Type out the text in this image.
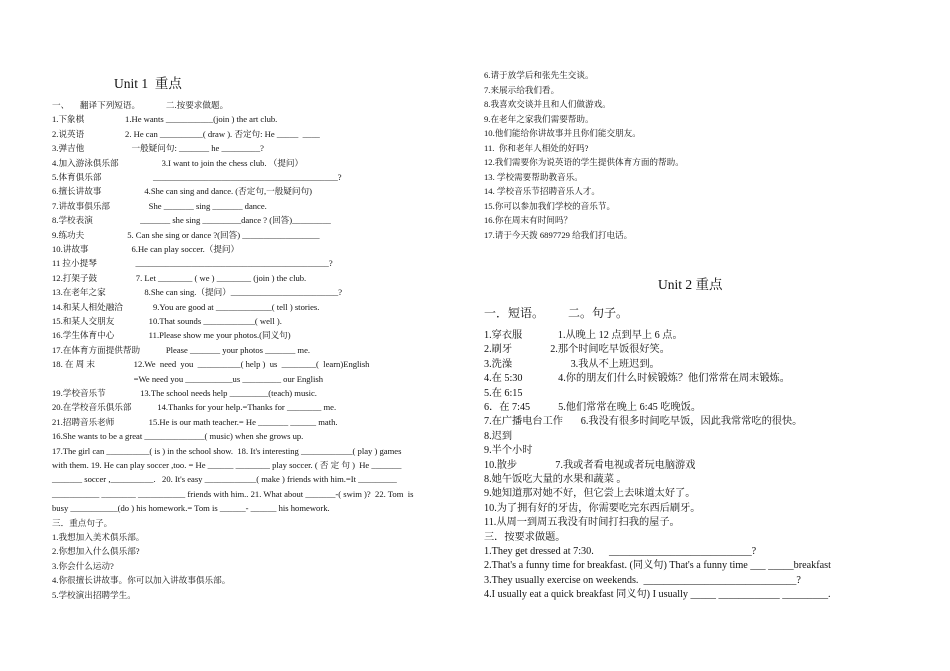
Unit 1  重点
一、     翻译下列短语。            二.按要求做题。
1.下象棋                   1.He wants ___________(join ) the art club.
2.说英语                   2. He can __________( draw ). 否定句: He _____  ____
3.弹吉他                      一般疑问句: _______ he _________?
4.加入游泳俱乐部                    3.I want to join the chess club. （提问）
5.体育俱乐部                        ___________________________________________?
6.擅长讲故事                    4.She can sing and dance. (否定句,一般疑问句)
7.讲故事俱乐部                  She _______ sing _______ dance.
8.学校表演                      _______ she sing _________dance ? (回答)_________
9.练功夫                    5. Can she sing or dance ?(回答) __________________
10.讲故事                    6.He can play soccer.（提问）
11 拉小提琴                  _____________________________________________?
12.打架子鼓                  7. Let ________ ( we ) ________ (join ) the club.
13.在老年之家                  8.She can sing.（提问）_________________________?
14.和某人相处融洽              9.You are good at _____________( tell ) stories.
15.和某人交朋友                10.That sounds ____________( well ).
16.学生体育中心                11.Please show me your photos.(同义句)
17.在体育方面提供帮助            Please _______ your photos _______ me.
18. 在 周 末                  12.We  need  you  __________( help )  us  ________(  learn)English
=We need you ___________us _________ our English
19.学校音乐节                13.The school needs help _________(teach) music.
20.在学校音乐俱乐部            14.Thanks for your help.=Thanks for ________ me.
21.招聘音乐老师                15.He is our math teacher.= He _______ ______ math.
16.She wants to be a great ______________( music) when she grows up.
17.The girl can __________( is ) in the school show.  18. It's interesting ____________( play ) games
with them. 19. He can play soccer ,too. = He ______ ________ play soccer. ( 否 定 句 )  He _______
_______ soccer ,__________.   20. It's easy ____________( make ) friends with him.=It _________
___________ ________ ___________ friends with him.. 21. What about _______-( swim )?  22. Tom  is
busy ___________(do ) his homework.= Tom is ______- ______ his homework.
三．重点句子。
1.我想加入美术俱乐部。
2.你想加入什么俱乐部?
3.你会什么运动?
4.你很擅长讲故事。你可以加入讲故事俱乐部。
5.学校演出招聘学生。
6.请于放学后和张先生交谈。
7.来展示给我们看。
8.我喜欢交谈并且和人们做游戏。
9.在老年之家我们需要帮助。
10.他们能给你讲故事并且你们能交朋友。
11.  你和老年人相处的好吗?
12.我们需要你为说英语的学生提供体育方面的帮助。
13. 学校需要帮助教音乐。
14. 学校音乐节招聘音乐人才。
15.你可以参加我们学校的音乐节。
16.你在周末有时间吗？
17.请于今天拨 6897729 给我们打电话。
Unit 2 重点
一．短语。        二。句子。
1.穿衣服              1.从晚上 12 点到早上 6 点。
2.刷牙               2.那个时间吃早饭很好笑。
3.洗澡                       3.我从不上班迟到。
4.在 5:30              4.你的朋友们什么时候锻炼？他们常常在周末锻炼。
5.在 6:15
6．在 7:45           5.他们常常在晚上 6:45 吃晚饭。
7.在广播电台工作       6.我没有很多时间吃早饭，因此我常常吃的很快。
8.迟到
9.半个小时
10.散步               7.我或者看电视或者玩电脑游戏
8.她午饭吃大量的水果和蔬菜 。
9.她知道那对她不好，但它尝上去味道太好了。
10.为了拥有好的牙齿，你需要吃完东西后刷牙。
11.从周一到周五我没有时间打扫我的屋子。
三．按要求做题。
1.They get dressed at 7:30.      ____________________________?
2.That's a funny time for breakfast. (同义句) That's a funny time ___ _____breakfast
3.They usually exercise on weekends.  ______________________________?
4.I usually eat a quick breakfast 同义句) I usually _____ ____________ _________.
